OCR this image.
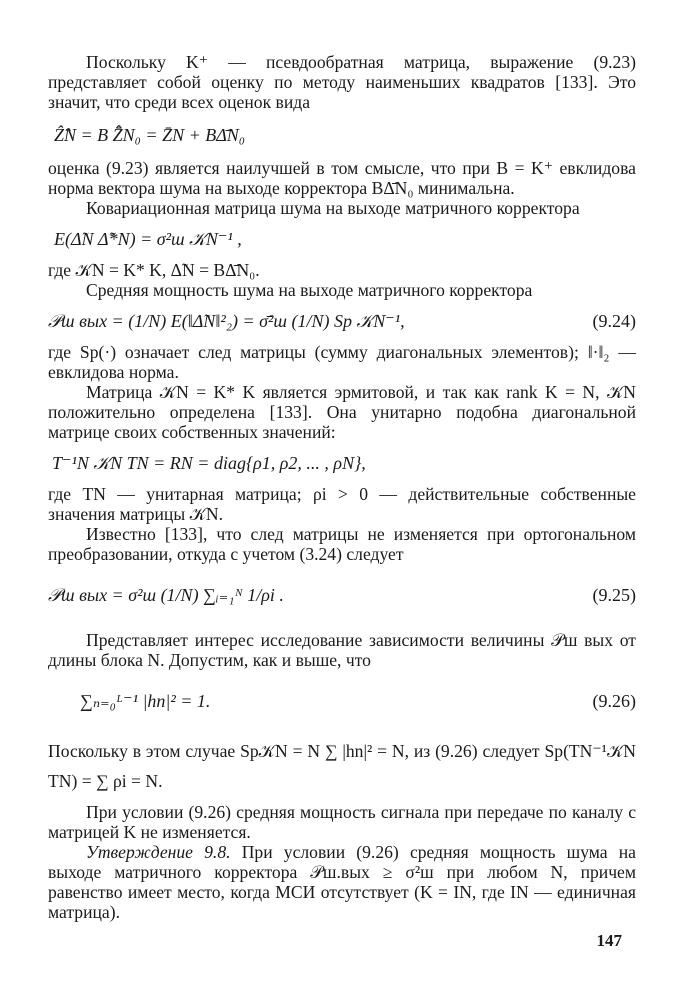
Поскольку K⁺ — псевдообратная матрица, выражение (9.23) представляет собой оценку по методу наименьших квадратов [133]. Это значит, что среди всех оценок вида

Ẑ̂N = B Z̄̂N₀ = Z̄N + BΔ̄N₀

оценка (9.23) является наилучшей в том смысле, что при B = K⁺ евклидова норма вектора шума на выходе корректора BΔ̄N₀ минимальна.

Ковариационная матрица шума на выходе матричного корректора

E(Δ̃N Δ̃*N) = σ²ш 𝒦N⁻¹ ,

где 𝒦N = K* K, Δ̃N = BΔ̄N₀.

Средняя мощность шума на выходе матричного корректора

𝒫ш вых = (1/N) E(‖Δ̃N‖²₂) = σ̄²ш (1/N) Sp 𝒦N⁻¹,	(9.24)

где Sp(·) означает след матрицы (сумму диагональных элементов); ‖·‖₂ — евклидова норма.

Матрица 𝒦N = K* K является эрмитовой, и так как rank K = N, 𝒦N положительно определена [133]. Она унитарно подобна диагональной матрице своих собственных значений:

T⁻¹N 𝒦N TN = RN = diag{ρ1, ρ2, ... , ρN},

где TN — унитарная матрица; ρi > 0 — действительные собственные значения матрицы 𝒦N.

Известно [133], что след матрицы не изменяется при ортогональном преобразовании, откуда с учетом (3.24) следует

𝒫ш вых = σ²ш (1/N) ∑ᵢ₌₁ᴺ 1/ρi .	(9.25)

Представляет интерес исследование зависимости величины 𝒫ш вых от длины блока N. Допустим, как и выше, что

∑ₙ₌₀ᴸ⁻¹ |hn|² = 1.	(9.26)

Поскольку в этом случае Sp𝒦N = N ∑ |hn|² = N, из (9.26) следует Sp(TN⁻¹𝒦N TN) = ∑ ρi = N.

При условии (9.26) средняя мощность сигнала при передаче по каналу с матрицей K не изменяется.

Утверждение 9.8. При условии (9.26) средняя мощность шума на выходе матричного корректора 𝒫ш.вых ≥ σ²ш при любом N, причем равенство имеет место, когда МСИ отсутствует (K = IN, где IN — единичная матрица).

147
